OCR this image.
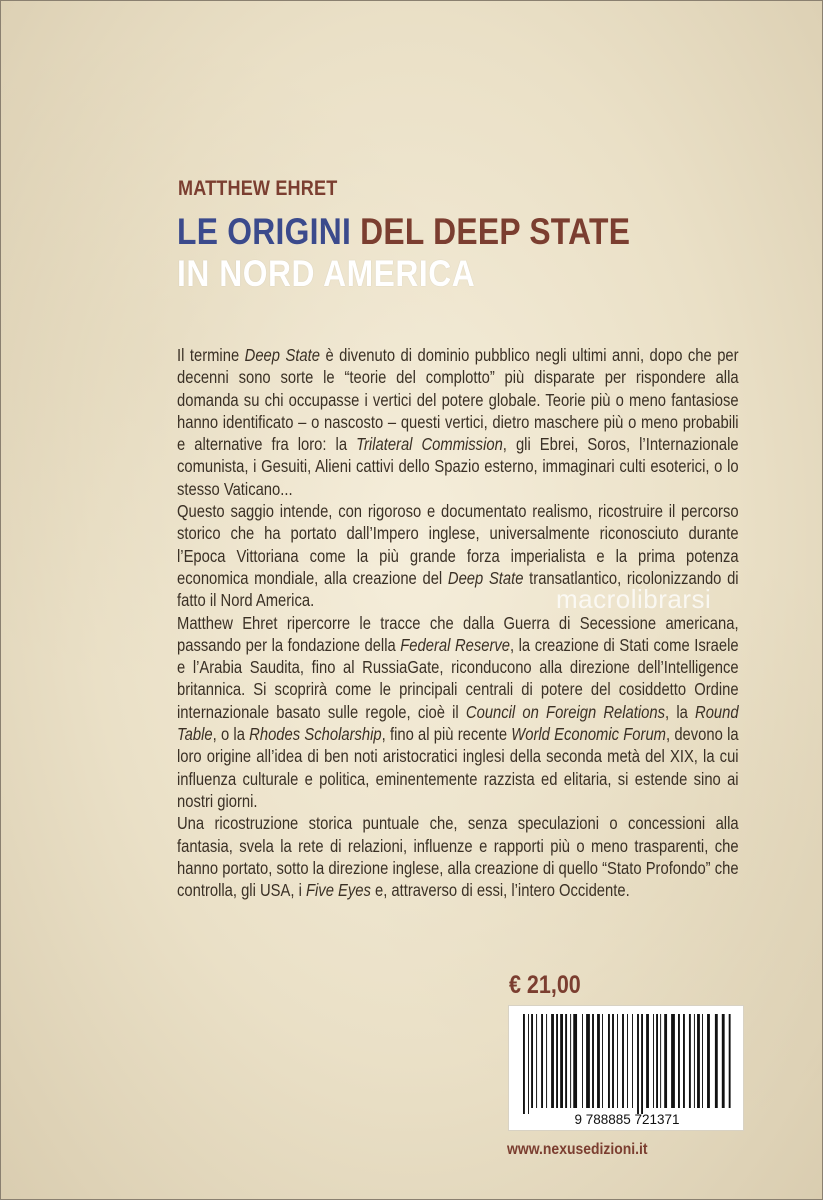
MATTHEW EHRET
LE ORIGINI DEL DEEP STATE
IN NORD AMERICA

Il termine Deep State è divenuto di dominio pubblico negli ultimi anni, dopo che per decenni sono sorte le “teorie del complotto” più disparate per rispondere alla domanda su chi occupasse i vertici del potere globale. Teorie più o meno fantasiose hanno identificato – o nascosto – questi vertici, dietro maschere più o meno probabili e alternative fra loro: la Trilateral Commission, gli Ebrei, Soros, l’Internazionale comunista, i Gesuiti, Alieni cattivi dello Spazio esterno, immaginari culti esoterici, o lo stesso Vaticano...

Questo saggio intende, con rigoroso e documentato realismo, ricostruire il percorso storico che ha portato dall’Impero inglese, universalmente riconosciuto durante l’Epoca Vittoriana come la più grande forza imperialista e la prima potenza economica mondiale, alla creazione del Deep State transatlantico, ricolonizzando di fatto il Nord America.

Matthew Ehret ripercorre le tracce che dalla Guerra di Secessione americana, passando per la fondazione della Federal Reserve, la creazione di Stati come Israele e l’Arabia Saudita, fino al RussiaGate, riconducono alla direzione dell’Intelligence britannica. Si scoprirà come le principali centrali di potere del cosiddetto Ordine internazionale basato sulle regole, cioè il Council on Foreign Relations, la Round Table, o la Rhodes Scholarship, fino al più recente World Economic Forum, devono la loro origine all’idea di ben noti aristocratici inglesi della seconda metà del XIX, la cui influenza culturale e politica, eminentemente razzista ed elitaria, si estende sino ai nostri giorni.

Una ricostruzione storica puntuale che, senza speculazioni o concessioni alla fantasia, svela la rete di relazioni, influenze e rapporti più o meno trasparenti, che hanno portato, sotto la direzione inglese, alla creazione di quello “Stato Profondo” che controlla, gli USA, i Five Eyes e, attraverso di essi, l’intero Occidente.

macrolibrarsi
€ 21,00
9 788885 721371
www.nexusedizioni.it
